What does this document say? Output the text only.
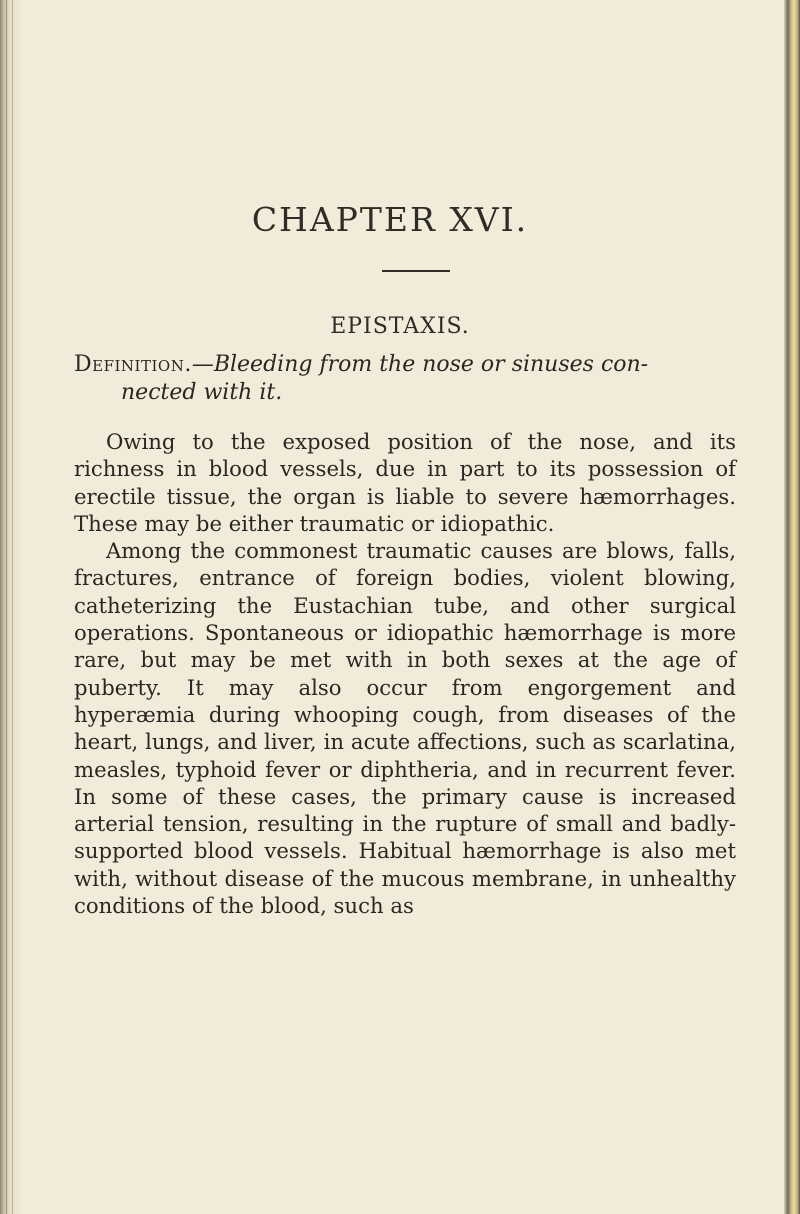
CHAPTER XVI.
EPISTAXIS.
Definition.—Bleeding from the nose or sinuses con-
nected with it.

Owing to the exposed position of the nose, and its richness in blood vessels, due in part to its possession of erectile tissue, the organ is liable to severe hæmorrhages. These may be either traumatic or idiopathic.

Among the commonest traumatic causes are blows, falls, fractures, entrance of foreign bodies, violent blowing, catheterizing the Eustachian tube, and other surgical operations. Spontaneous or idiopathic hæmorrhage is more rare, but may be met with in both sexes at the age of puberty. It may also occur from engorgement and hyperæmia during whooping cough, from diseases of the heart, lungs, and liver, in acute affections, such as scarlatina, measles, typhoid fever or diphtheria, and in recurrent fever. In some of these cases, the primary cause is increased arterial tension, resulting in the rupture of small and badly-supported blood vessels. Habitual hæmorrhage is also met with, without disease of the mucous membrane, in unhealthy conditions of the blood, such as
